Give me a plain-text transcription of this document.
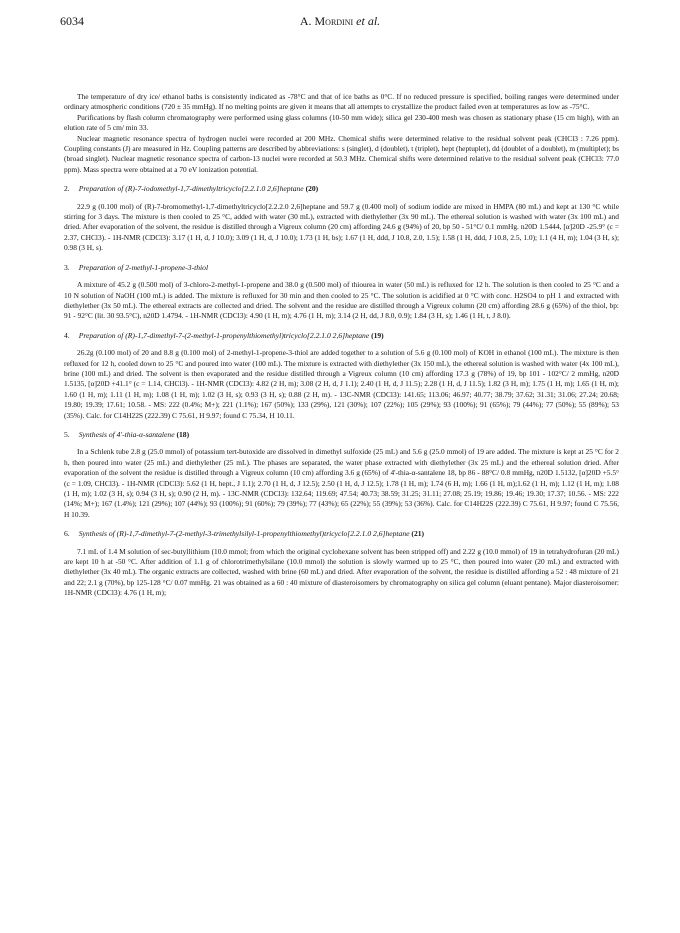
6034	A. Mordini et al.

The temperature of dry ice/ ethanol baths is consistently indicated as -78°C and that of ice baths as 0°C. If no reduced pressure is specified, boiling ranges were determined under ordinary atmospheric conditions (720 ± 35 mmHg). If no melting points are given it means that all attempts to crystallize the product failed even at temperatures as low as -75°C.

Purifications by flash column chromatography were performed using glass columns (10-50 mm wide); silica gel 230-400 mesh was chosen as stationary phase (15 cm high), with an elution rate of 5 cm/ min 33.

Nuclear magnetic resonance spectra of hydrogen nuclei were recorded at 200 MHz. Chemical shifts were determined relative to the residual solvent peak (CHCl3 : 7.26 ppm). Coupling constants (J) are measured in Hz. Coupling patterns are described by abbreviations: s (singlet), d (doublet), t (triplet), hept (heptuplet), dd (doublet of a doublet), m (multiplet); bs (broad singlet). Nuclear magnetic resonance spectra of carbon-13 nuclei were recorded at 50.3 MHz. Chemical shifts were determined relative to the residual solvent peak (CHCl3: 77.0 ppm). Mass spectra were obtained at a 70 eV ionization potential.

2. Preparation of (R)-7-iodomethyl-1,7-dimethyltricyclo[2.2.1.0 2,6]heptane (20)

22.9 g (0.100 mol) of (R)-7-bromomethyl-1,7-dimethyltricyclo[2.2.2.0 2,6]heptane and 59.7 g (0.400 mol) of sodium iodide are mixed in HMPA (80 mL) and kept at 130 °C while stirring for 3 days. The mixture is then cooled to 25 °C, added with water (30 mL), extracted with diethylether (3x 90 mL). The ethereal solution is washed with water (3x 100 mL) and dried. After evaporation of the solvent, the residue is distilled through a Vigreux column (20 cm) affording 24.6 g (94%) of 20, bp 50 - 51°C/ 0.1 mmHg. n20D 1.5444, [α]20D -25.9° (c = 2.37, CHCl3). - 1H-NMR (CDCl3): 3.17 (1 H, d, J 10.0); 3.09 (1 H, d, J 10.0); 1.73 (1 H, bs); 1.67 (1 H, ddd, J 10.8, 2.0, 1.5); 1.58 (1 H, ddd, J 10.8, 2.5, 1.0); 1.1 (4 H, m); 1.04 (3 H, s); 0.98 (3 H, s).

3. Preparation of 2-methyl-1-propene-3-thiol

A mixture of 45.2 g (0.500 mol) of 3-chloro-2-methyl-1-propene and 38.0 g (0.500 mol) of thiourea in water (50 mL) is refluxed for 12 h. The solution is then cooled to 25 °C and a 10 N solution of NaOH (100 mL) is added. The mixture is refluxed for 30 min and then cooled to 25 °C. The solution is acidified at 0 °C with conc. H2SO4 to pH 1 and extracted with diethylether (3x 50 mL). The ethereal extracts are collected and dried. The solvent and the residue are distilled through a Vigreux column (20 cm) affording 28.6 g (65%) of the thiol, bp: 91 - 92°C (lit. 30 93.5°C), n20D 1.4794. - 1H-NMR (CDCl3): 4.90 (1 H, m); 4.76 (1 H, m); 3.14 (2 H, dd, J 8.0, 0.9); 1.84 (3 H, s); 1.46 (1 H, t, J 8.0).

4. Preparation of (R)-1,7-dimethyl-7-(2-methyl-1-propenylthiomethyl)tricyclo[2.2.1.0 2,6]heptane (19)

26.2g (0.100 mol) of 20 and 8.8 g (0.100 mol) of 2-methyl-1-propene-3-thiol are added together to a solution of 5.6 g (0.100 mol) of KOH in ethanol (100 mL). The mixture is then refluxed for 12 h, cooled down to 25 °C and poured into water (100 mL). The mixture is extracted with diethylether (3x 150 mL), the ethereal solution is washed with water (4x 100 mL), brine (100 mL) and dried. The solvent is then evaporated and the residue distilled through a Vigreux column (10 cm) affording 17.3 g (78%) of 19, bp 101 - 102°C/ 2 mmHg, n20D 1.5135, [α]20D +41.1° (c = 1.14, CHCl3). - 1H-NMR (CDCl3): 4.82 (2 H, m); 3.08 (2 H, d, J 1.1); 2.40 (1 H, d, J 11.5); 2.28 (1 H, d, J 11.5); 1.82 (3 H, m); 1.75 (1 H, m); 1.65 (1 H, m); 1.60 (1 H, m); 1.11 (1 H, m); 1.08 (1 H, m); 1.02 (3 H, s); 0.93 (3 H, s); 0.88 (2 H, m). - 13C-NMR (CDCl3): 141.65; 113.06; 46.97; 40.77; 38.79; 37.62; 31.31; 31.06; 27.24; 20.68; 19.80; 19.39; 17.61; 10.58. - MS: 222 (0.4%; M+); 221 (1.1%); 167 (50%); 133 (29%), 121 (30%); 107 (22%); 105 (29%); 93 (100%); 91 (65%); 79 (44%); 77 (50%); 55 (89%); 53 (35%). Calc. for C14H22S (222.39) C 75.61, H 9.97; found C 75.34, H 10.11.

5. Synthesis of 4'-thia-α-santalene (18)

In a Schlenk tube 2.8 g (25.0 mmol) of potassium tert-butoxide are dissolved in dimethyl sulfoxide (25 mL) and 5.6 g (25.0 mmol) of 19 are added. The mixture is kept at 25 °C for 2 h, then poured into water (25 mL) and diethylether (25 mL). The phases are separated, the water phase extracted with diethylether (3x 25 mL) and the ethereal solution dried. After evaporation of the solvent the residue is distilled through a Vigreux column (10 cm) affording 3.6 g (65%) of 4'-thia-α-santalene 18, bp 86 - 88°C/ 0.8 mmHg, n20D 1.5132, [α]20D +5.5° (c = 1.09, CHCl3). - 1H-NMR (CDCl3): 5.62 (1 H, hept., J 1.1); 2.70 (1 H, d, J 12.5); 2.50 (1 H, d, J 12.5); 1.78 (1 H, m); 1.74 (6 H, m); 1.66 (1 H, m);1.62 (1 H, m); 1.12 (1 H, m); 1.08 (1 H, m); 1.02 (3 H, s); 0.94 (3 H, s); 0.90 (2 H, m). - 13C-NMR (CDCl3): 132.64; 119.69; 47.54; 40.73; 38.59; 31.25; 31.11; 27.08; 25.19; 19.86; 19.46; 19.30; 17.37; 10.56. - MS: 222 (14%; M+); 167 (1.4%); 121 (29%); 107 (44%); 93 (100%); 91 (60%); 79 (39%); 77 (43%); 65 (22%); 55 (39%); 53 (36%). Calc. for C14H22S (222.39) C 75.61, H 9.97; found C 75.56, H 10.39.

6. Synthesis of (R)-1,7-dimethyl-7-(2-methyl-3-trimethylsilyl-1-propenylthiomethyl)tricyclo[2.2.1.0 2,6]heptane (21)

7.1 mL of 1.4 M solution of sec-butyllithium (10.0 mmol; from which the original cyclohexane solvent has been stripped off) and 2.22 g (10.0 mmol) of 19 in tetrahydrofuran (20 mL) are kept 10 h at -50 °C. After addition of 1.1 g of chlorotrimethylsilane (10.0 mmol) the solution is slowly warmed up to 25 °C, then poured into water (20 mL) and extracted with diethylether (3x 40 mL). The organic extracts are collected, washed with brine (60 mL) and dried. After evaporation of the solvent, the residue is distilled affording a 52 : 48 mixture of 21 and 22; 2.1 g (70%), bp 125-128 °C/ 0.07 mmHg. 21 was obtained as a 60 : 40 mixture of diasteroisomers by chromatography on silica gel column (eluant pentane). Major diasteroisomer: 1H-NMR (CDCl3): 4.76 (1 H, m);
